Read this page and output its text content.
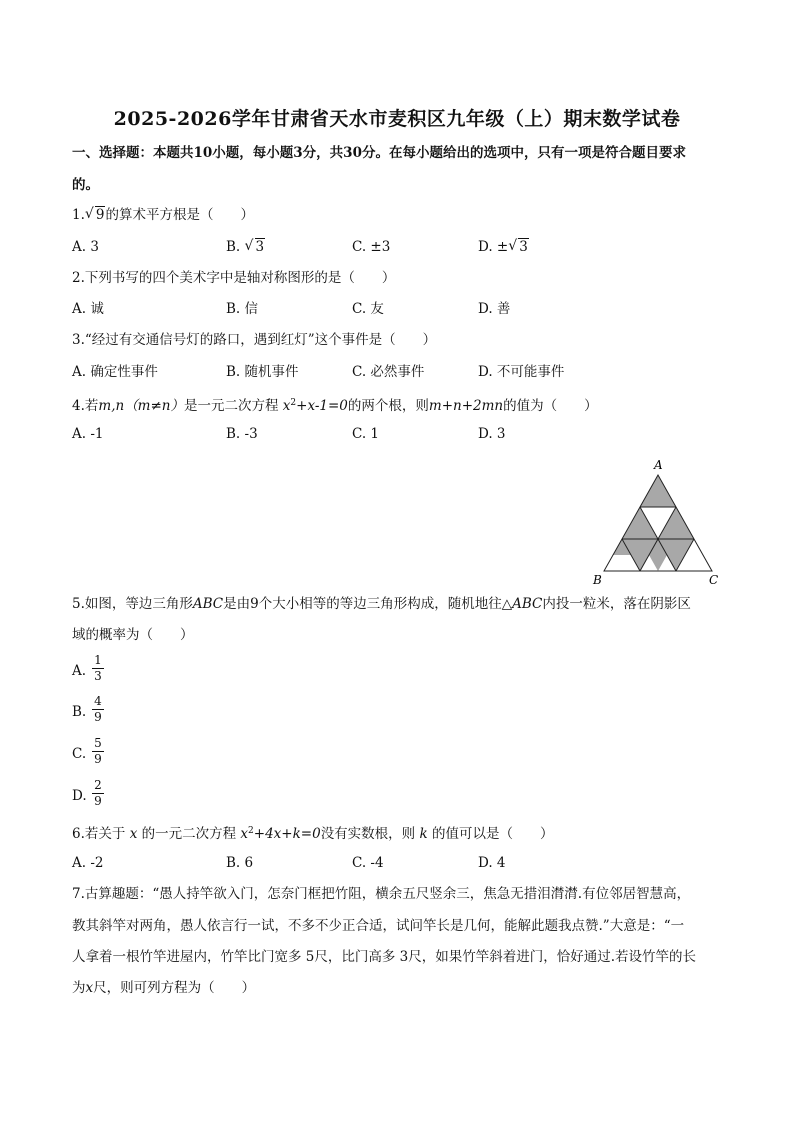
2025-2026学年甘肃省天水市麦积区九年级（上）期末数学试卷
一、选择题：本题共10小题，每小题3分，共30分。在每小题给出的选项中，只有一项是符合题目要求
的。
1. √ 9的算术平方根是（　　）
A. 3	B. √ 3	C. ±3	D. ± √ 3
2.下列书写的四个美术字中是轴对称图形的是（　　）
A. 诚	B. 信	C. 友	D. 善
3.“经过有交通信号灯的路口，遇到红灯”这个事件是（　　）
A. 确定性事件	B. 随机事件	C. 必然事件	D. 不可能事件
4.若m,n（m≠n）是一元二次方程 $x^2+x-1=0$的两个根，则m+n+2mn的值为（　　）
A. -1	B. -3	C. 1	D. 3
A
B	C
5.如图，等边三角形ABC是由9个大小相等的等边三角形构成，随机地往△ABC内投一粒米，落在阴影区
域的概率为（　　）
A. $\frac{1}{3}$
B. $\frac{4}{9}$
C. $\frac{5}{9}$
D. $\frac{2}{9}$
6.若关于 x 的一元二次方程 $x^2+4x+k=0$没有实数根，则 k 的值可以是（　　）
A. -2	B. 6	C. -4	D. 4
7.古算趣题：“愚人持竿欲入门，怎奈门框把竹阻，横余五尺竖余三，焦急无措泪潸潸.有位邻居智慧高，
教其斜竿对两角，愚人依言行一试，不多不少正合适，试问竿长是几何，能解此题我点赞.”大意是：“一
人拿着一根竹竿进屋内，竹竿比门宽多 5尺，比门高多 3尺，如果竹竿斜着进门，恰好通过.若设竹竿的长
为x尺，则可列方程为（　　）
